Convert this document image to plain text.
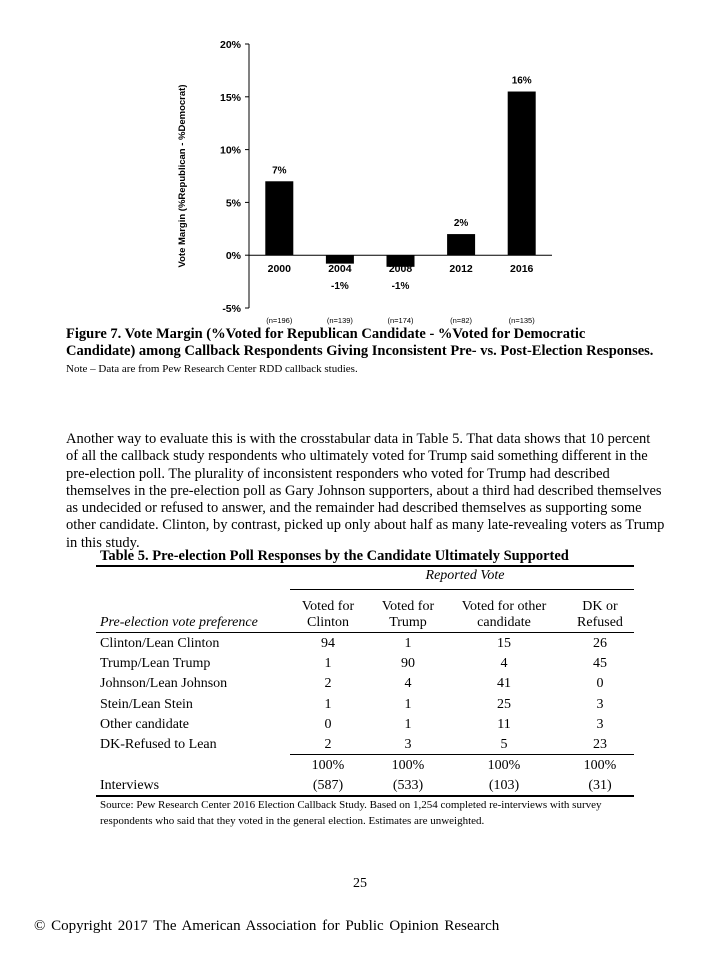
20%
15%
10%
5%
0%
-5%
Vote Margin (%Republican - %Democrat)
2000
7%
(n=196)
2004
-1%
(n=139)
2008
-1%
(n=174)
2012
2%
(n=82)
2016
16%
(n=135)
Figure 7. Vote Margin (%Voted for Republican Candidate - %Voted for Democratic Candidate) among Callback Respondents Giving Inconsistent Pre- vs. Post-Election Responses. Note – Data are from Pew Research Center RDD callback studies.
Another way to evaluate this is with the crosstabular data in Table 5. That data shows that 10 percent of all the callback study respondents who ultimately voted for Trump said something different in the pre-election poll. The plurality of inconsistent responders who voted for Trump had described themselves in the pre-election poll as Gary Johnson supporters, about a third had described themselves as undecided or refused to answer, and the remainder had described themselves as supporting some other candidate. Clinton, by contrast, picked up only about half as many late-revealing voters as Trump in this study.
Table 5. Pre-election Poll Responses by the Candidate Ultimately Supported
Reported Vote
Pre-election vote preference
Voted for
Clinton
Voted for
Trump
Voted for other
candidate
DK or
Refused
Clinton/Lean Clinton	94	1	15	26
Trump/Lean Trump	1	90	4	45
Johnson/Lean Johnson	2	4	41	0
Stein/Lean Stein	1	1	25	3
Other candidate	0	1	11	3
DK-Refused to Lean	2	3	5	23
100%	100%	100%	100%
Interviews	(587)	(533)	(103)	(31)
Source: Pew Research Center 2016 Election Callback Study. Based on 1,254 completed re-interviews with survey respondents who said that they voted in the general election. Estimates are unweighted.
25
© Copyright 2017 The American Association for Public Opinion Research
